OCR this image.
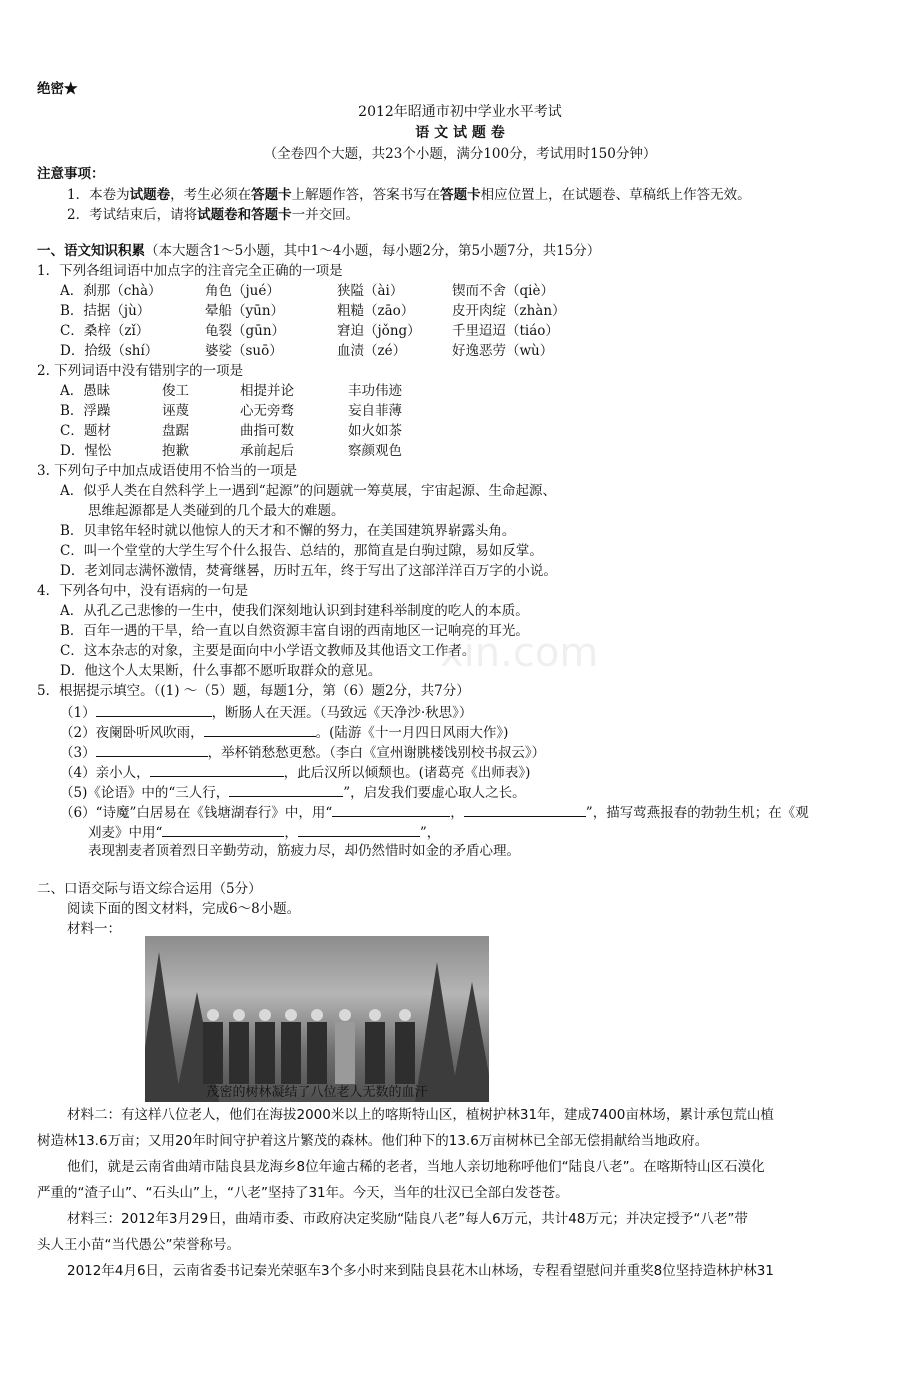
绝密★
2012年昭通市初中学业水平考试
语 文 试 题 卷
（全卷四个大题，共23个小题，满分100分，考试用时150分钟）
注意事项：
1．本卷为试题卷，考生必须在答题卡上解题作答，答案书写在答题卡相应位置上，在试题卷、草稿纸上作答无效。
2．考试结束后，请将试题卷和答题卡一并交回。
一、语文知识积累（本大题含1～5小题，其中1～4小题，每小题2分，第5小题7分，共15分）
1．下列各组词语中加点字的注音完全正确的一项是
A．刹那（chà）	角色（jué）	狭隘（ài）	锲而不舍（qiè）
B．拮据（jù）	晕船（yūn）	粗糙（zāo）	皮开肉绽（zhàn）
C．桑梓（zǐ）	龟裂（gūn）	窘迫（jǒng） 千里迢迢（tiáo）
D．拾级（shí）	婆娑（suō）	血渍（zé）	好逸恶劳（wù）
2. 下列词语中没有错别字的一项是
A．愚昧	俊工	相提并论	丰功伟迹
B．浮躁	诬蔑	心无旁骛	妄自菲薄
C．题材	盘踞	曲指可数	如火如茶
D．惺忪	抱歉	承前起后	察颜观色
3. 下列句子中加点成语使用不恰当的一项是
A．似乎人类在自然科学上一遇到“起源”的问题就一筹莫展，宇宙起源、生命起源、
思维起源都是人类碰到的几个最大的难题。
B．贝聿铭年轻时就以他惊人的天才和不懈的努力，在美国建筑界崭露头角。
C．叫一个堂堂的大学生写个什么报告、总结的，那简直是白驹过隙，易如反掌。
D．老刘同志满怀激情，焚膏继晷，历时五年，终于写出了这部洋洋百万字的小说。
4．下列各句中，没有语病的一句是
A．从孔乙己悲惨的一生中，使我们深刻地认识到封建科举制度的吃人的本质。
B．百年一遇的干旱，给一直以自然资源丰富自诩的西南地区一记响亮的耳光。
C．这本杂志的对象，主要是面向中小学语文教师及其他语文工作者。
D．他这个人太果断，什么事都不愿听取群众的意见。 xin.com
5．根据提示填空。（(1) ～（5）题，每题1分，第（6）题2分，共7分）
（1）	，断肠人在天涯。（马致远《天净沙·秋思》）
（2）夜阑卧听风吹雨，	。(陆游《十一月四日风雨大作》)
（3）	，举杯销愁愁更愁。（李白《宣州谢朓楼饯别校书叔云》）
（4）亲小人，	，此后汉所以倾颓也。(诸葛亮《出师表》)
（5)《论语》中的“三人行，	”，启发我们要虚心取人之长。
（6）“诗魔”白居易在《钱塘湖春行》中，用“	，	”，描写莺燕报春的勃勃生机；在《观
刈麦》中用“	，	”，
表现割麦者顶着烈日辛勤劳动，筋疲力尽，却仍然惜时如金的矛盾心理。
二、口语交际与语文综合运用（5分）
阅读下面的图文材料，完成6～8小题。
材料一：
茂密的树林凝结了八位老人无数的血汗
材料二：有这样八位老人，他们在海拔2000米以上的喀斯特山区，植树护林31年，建成7400亩林场，累计承包荒山植
树造林13.6万亩；又用20年时间守护着这片繁茂的森林。他们种下的13.6万亩树林已全部无偿捐献给当地政府。
他们，就是云南省曲靖市陆良县龙海乡8位年逾古稀的老者，当地人亲切地称呼他们“陆良八老”。在喀斯特山区石漠化
严重的“渣子山”、“石头山”上，“八老”坚持了31年。今天，当年的壮汉已全部白发苍苍。
材料三：2012年3月29日，曲靖市委、市政府决定奖励“陆良八老”每人6万元，共计48万元；并决定授予“八老”带
头人王小苗“当代愚公”荣誉称号。
2012年4月6日，云南省委书记秦光荣驱车3个多小时来到陆良县花木山林场，专程看望慰问并重奖8位坚持造林护林31
